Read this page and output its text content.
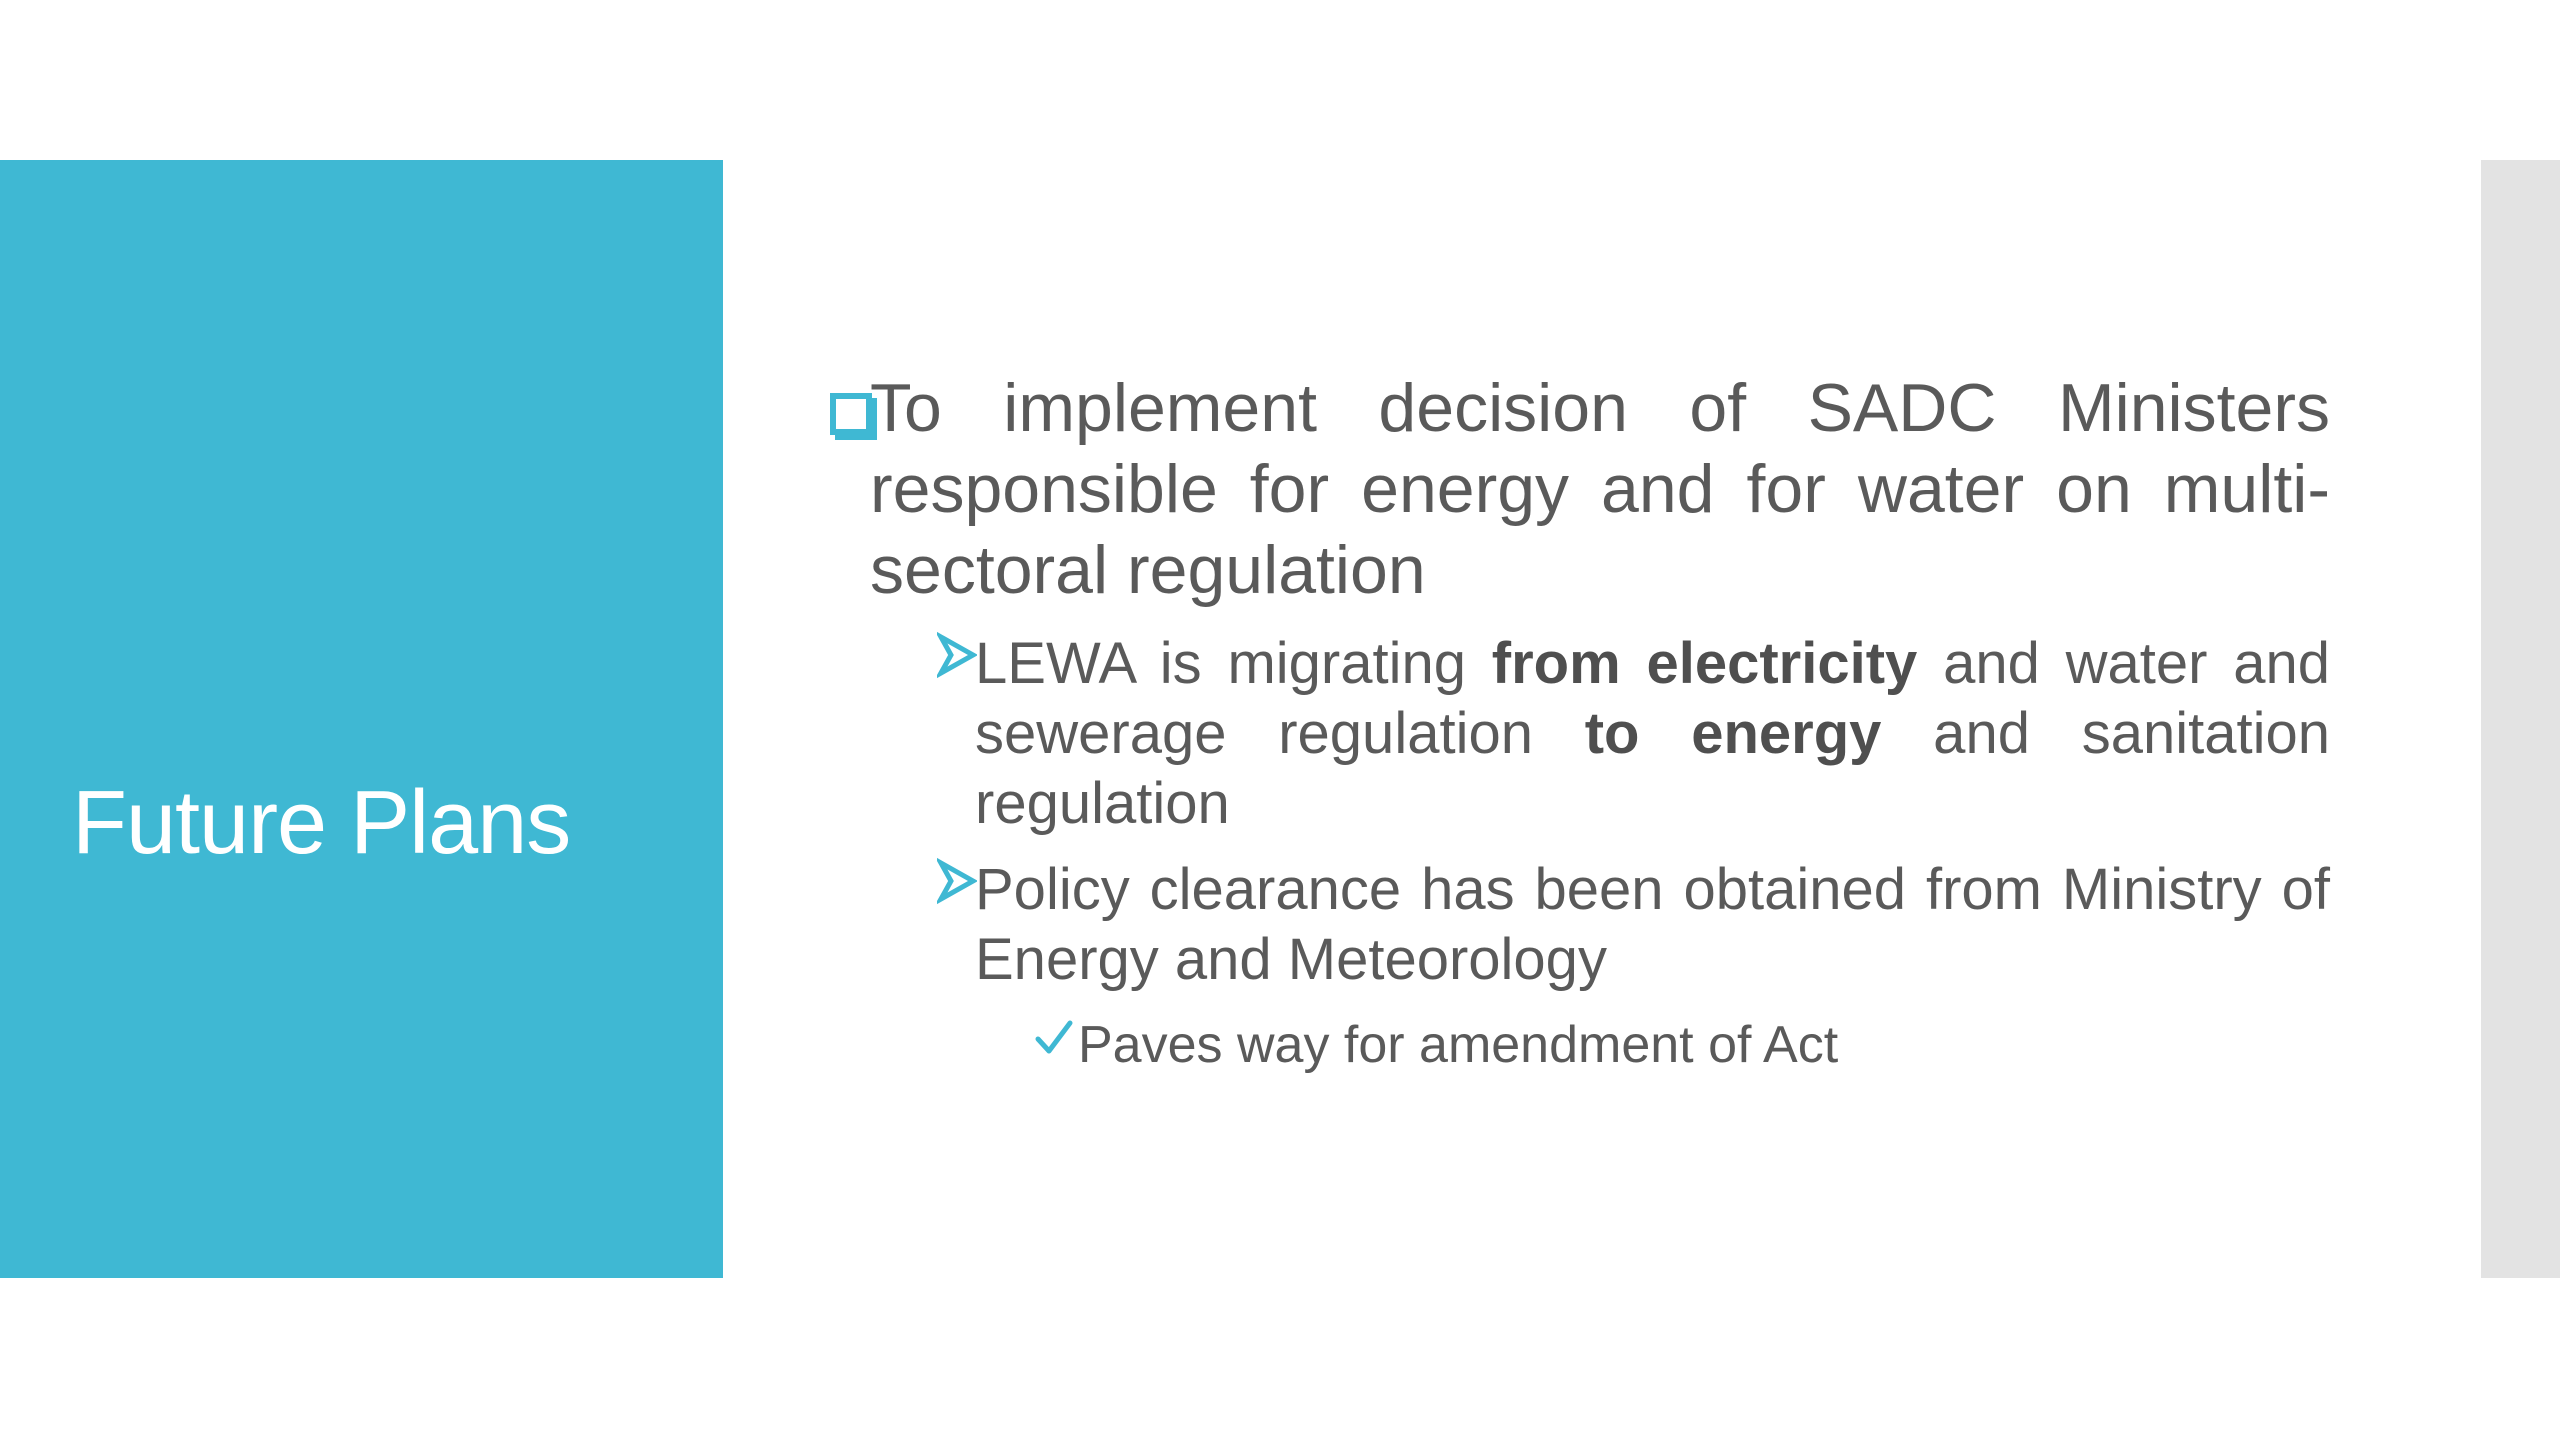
Future Plans
To implement decision of SADC Ministers responsible for energy and for water on multi-sectoral regulation
LEWA is migrating from electricity and water and sewerage regulation to energy and sanitation regulation
Policy clearance has been obtained from Ministry of Energy and Meteorology
Paves way for amendment of Act
